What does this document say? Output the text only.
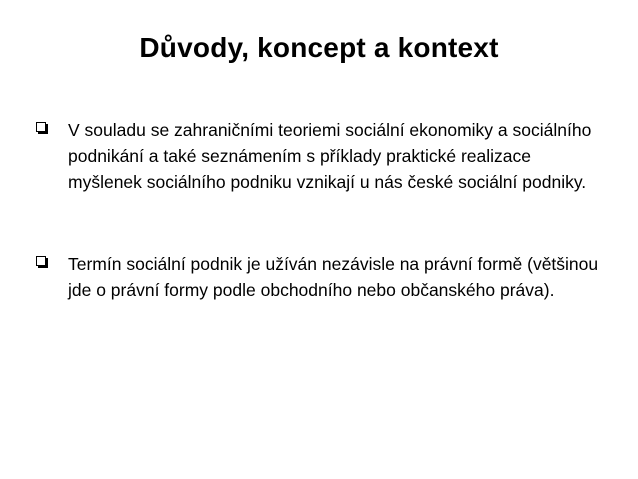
Důvody, koncept a kontext

V souladu se zahraničními teoriemi sociální ekonomiky a sociálního podnikání a také seznámením s příklady praktické realizace myšlenek sociálního podniku vznikají u nás české sociální podniky.

Termín sociální podnik je užíván nezávisle na právní formě (většinou jde o právní formy podle obchodního nebo občanského práva).
